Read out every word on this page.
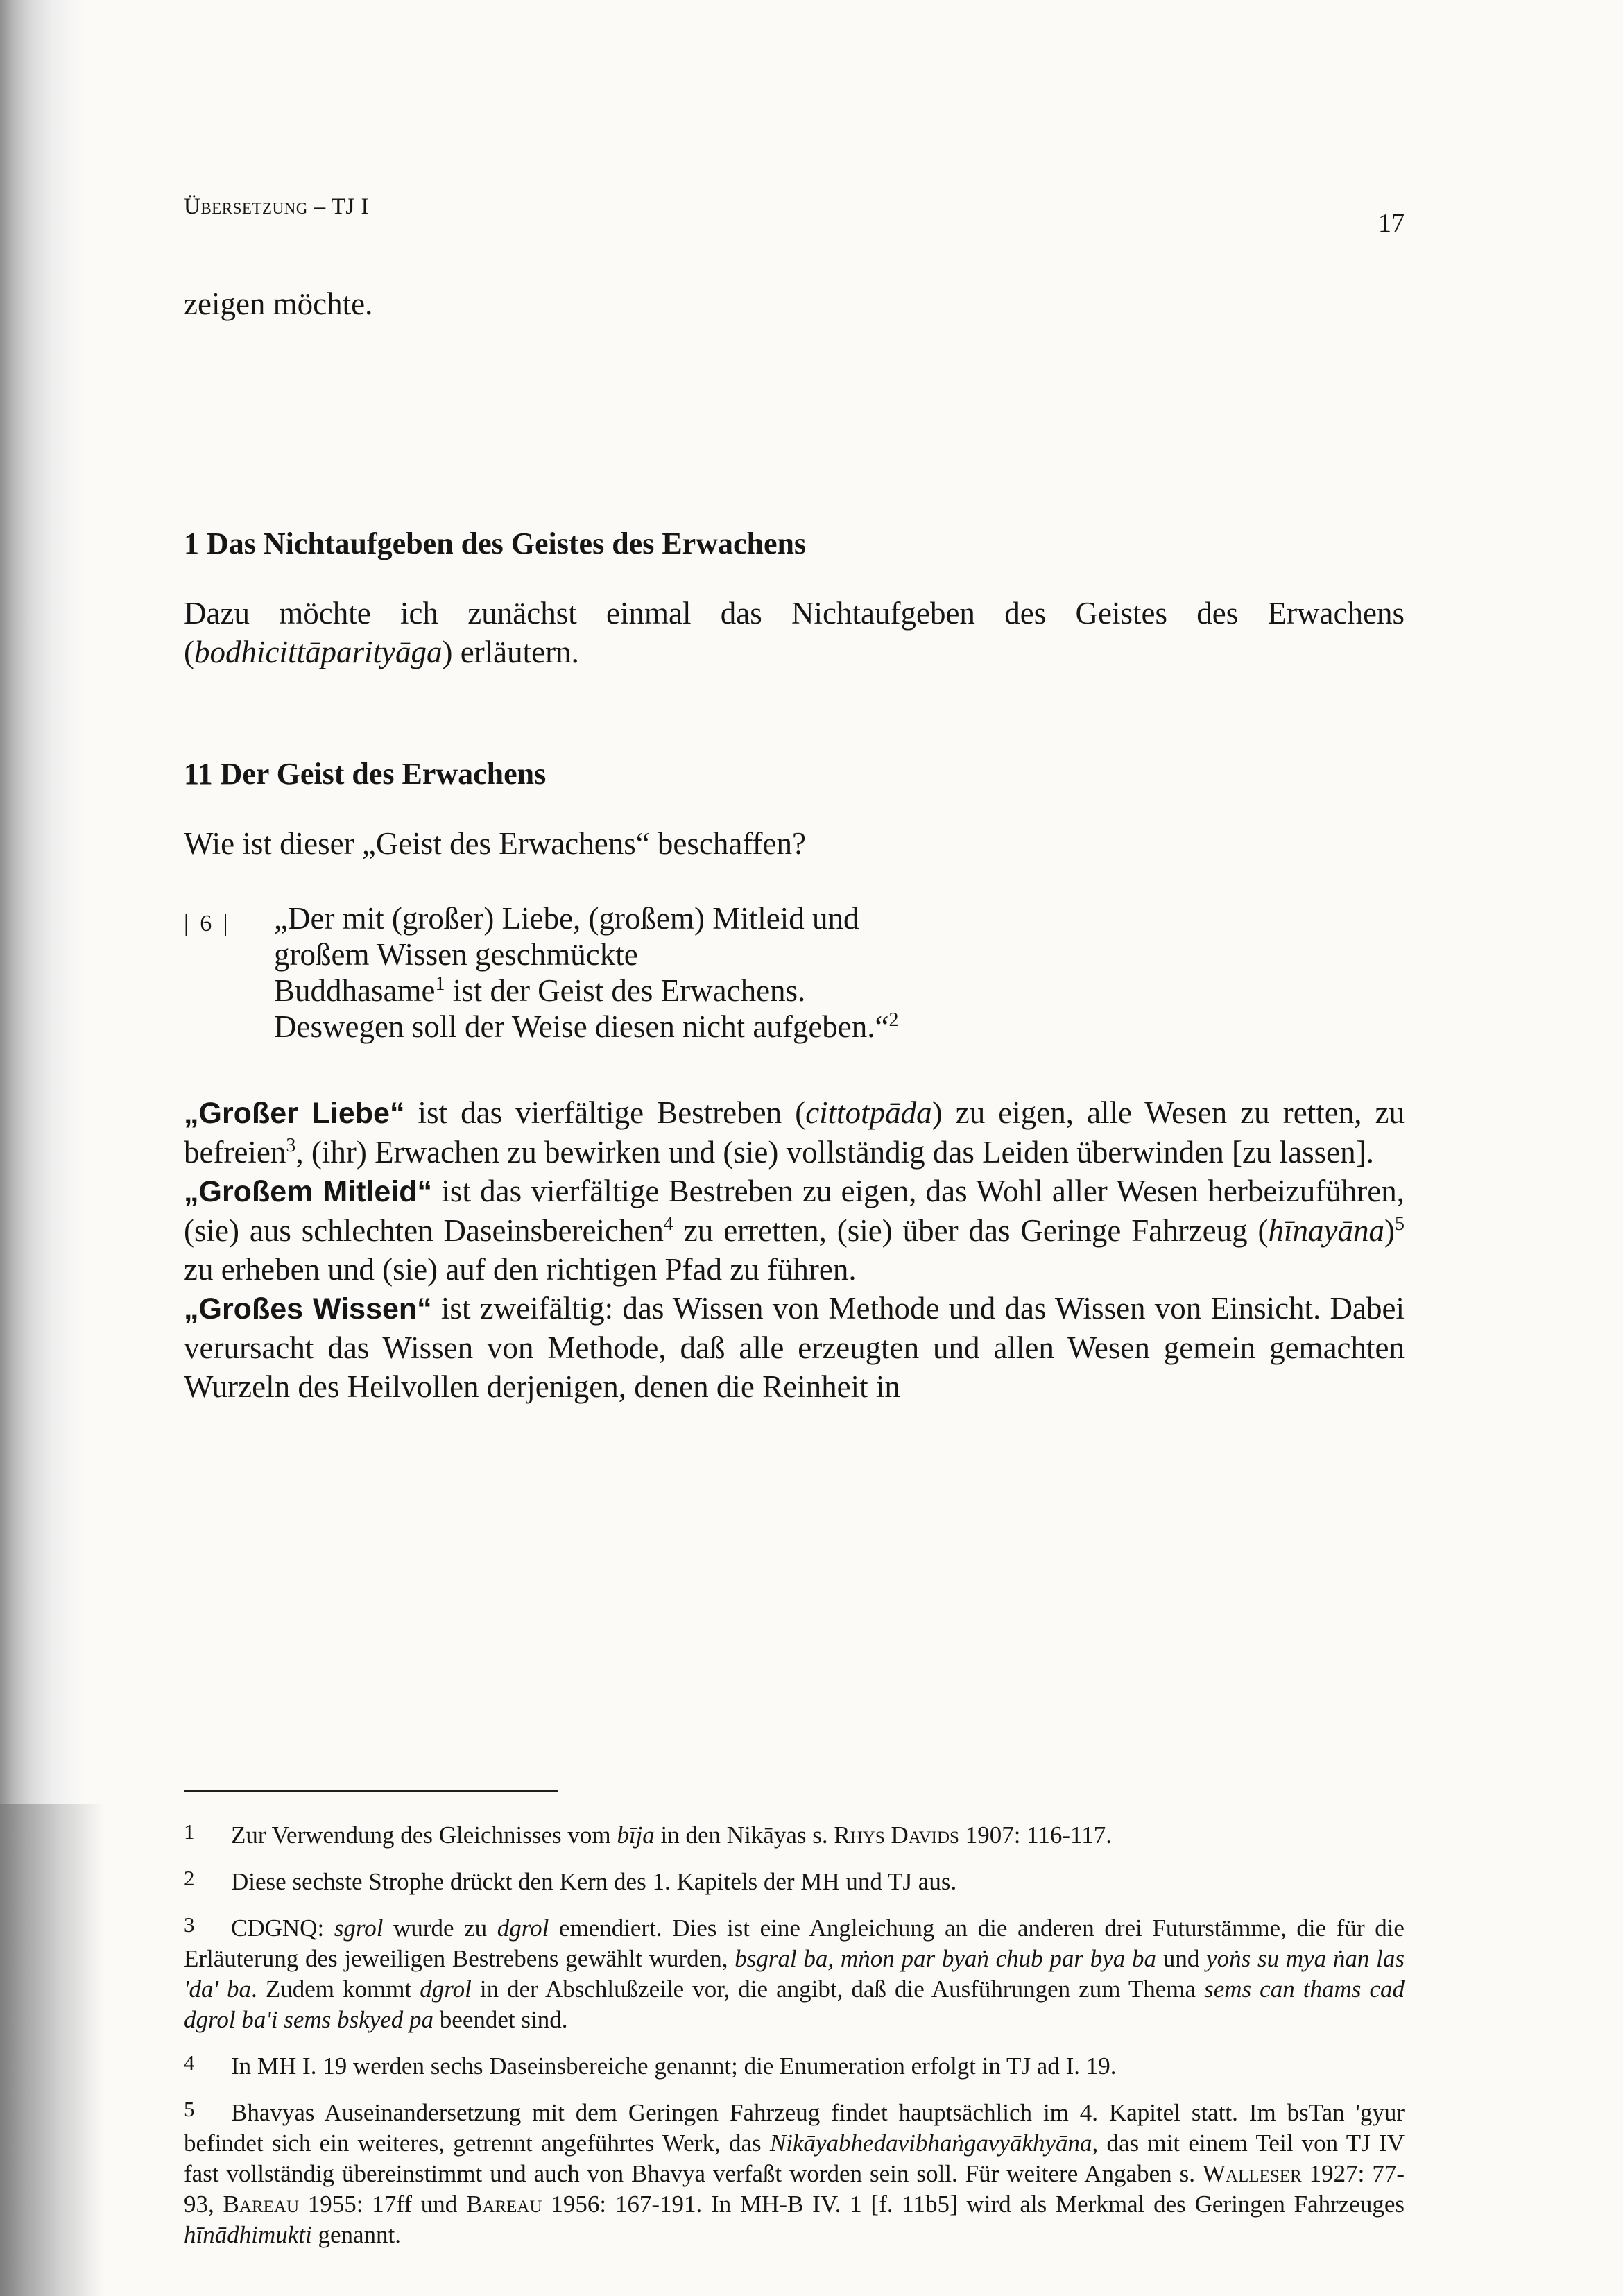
Übersetzung – TJ I
17

zeigen möchte.

1 Das Nichtaufgeben des Geistes des Erwachens

Dazu möchte ich zunächst einmal das Nichtaufgeben des Geistes des Erwachens (bodhicittāparityāga) erläutern.

11 Der Geist des Erwachens

Wie ist dieser „Geist des Erwachens“ beschaffen?

| 6 | „Der mit (großer) Liebe, (großem) Mitleid und
großem Wissen geschmückte
Buddhasame$^1$ ist der Geist des Erwachens.
Deswegen soll der Weise diesen nicht aufgeben.“$^2$

„Großer Liebe“ ist das vierfältige Bestreben (cittotpāda) zu eigen, alle Wesen zu retten, zu befreien$^3$, (ihr) Erwachen zu bewirken und (sie) vollständig das Leiden überwinden [zu lassen].

„Großem Mitleid“ ist das vierfältige Bestreben zu eigen, das Wohl aller Wesen herbeizuführen, (sie) aus schlechten Daseinsbereichen$^4$ zu erretten, (sie) über das Geringe Fahrzeug (hīnayāna)$^5$ zu erheben und (sie) auf den richtigen Pfad zu führen.

„Großes Wissen“ ist zweifältig: das Wissen von Methode und das Wissen von Einsicht. Dabei verursacht das Wissen von Methode, daß alle erzeugten und allen Wesen gemein gemachten Wurzeln des Heilvollen derjenigen, denen die Reinheit in

1 Zur Verwendung des Gleichnisses vom bīja in den Nikāyas s. Rhys Davids 1907: 116-117.
2 Diese sechste Strophe drückt den Kern des 1. Kapitels der MH und TJ aus.
3 CDGNQ: sgrol wurde zu dgrol emendiert. Dies ist eine Angleichung an die anderen drei Futurstämme, die für die Erläuterung des jeweiligen Bestrebens gewählt wurden, bsgral ba, mṅon par byaṅ chub par bya ba und yoṅs su mya ṅan las 'da' ba. Zudem kommt dgrol in der Abschlußzeile vor, die angibt, daß die Ausführungen zum Thema sems can thams cad dgrol ba'i sems bskyed pa beendet sind.
4 In MH I. 19 werden sechs Daseinsbereiche genannt; die Enumeration erfolgt in TJ ad I. 19.
5 Bhavyas Auseinandersetzung mit dem Geringen Fahrzeug findet hauptsächlich im 4. Kapitel statt. Im bsTan 'gyur befindet sich ein weiteres, getrennt angeführtes Werk, das Nikāyabhedavibhaṅgavyākhyāna, das mit einem Teil von TJ IV fast vollständig übereinstimmt und auch von Bhavya verfaßt worden sein soll. Für weitere Angaben s. Walleser 1927: 77-93, Bareau 1955: 17ff und Bareau 1956: 167-191. In MH-B IV. 1 [f. 11b5] wird als Merkmal des Geringen Fahrzeuges hīnādhimukti genannt.
